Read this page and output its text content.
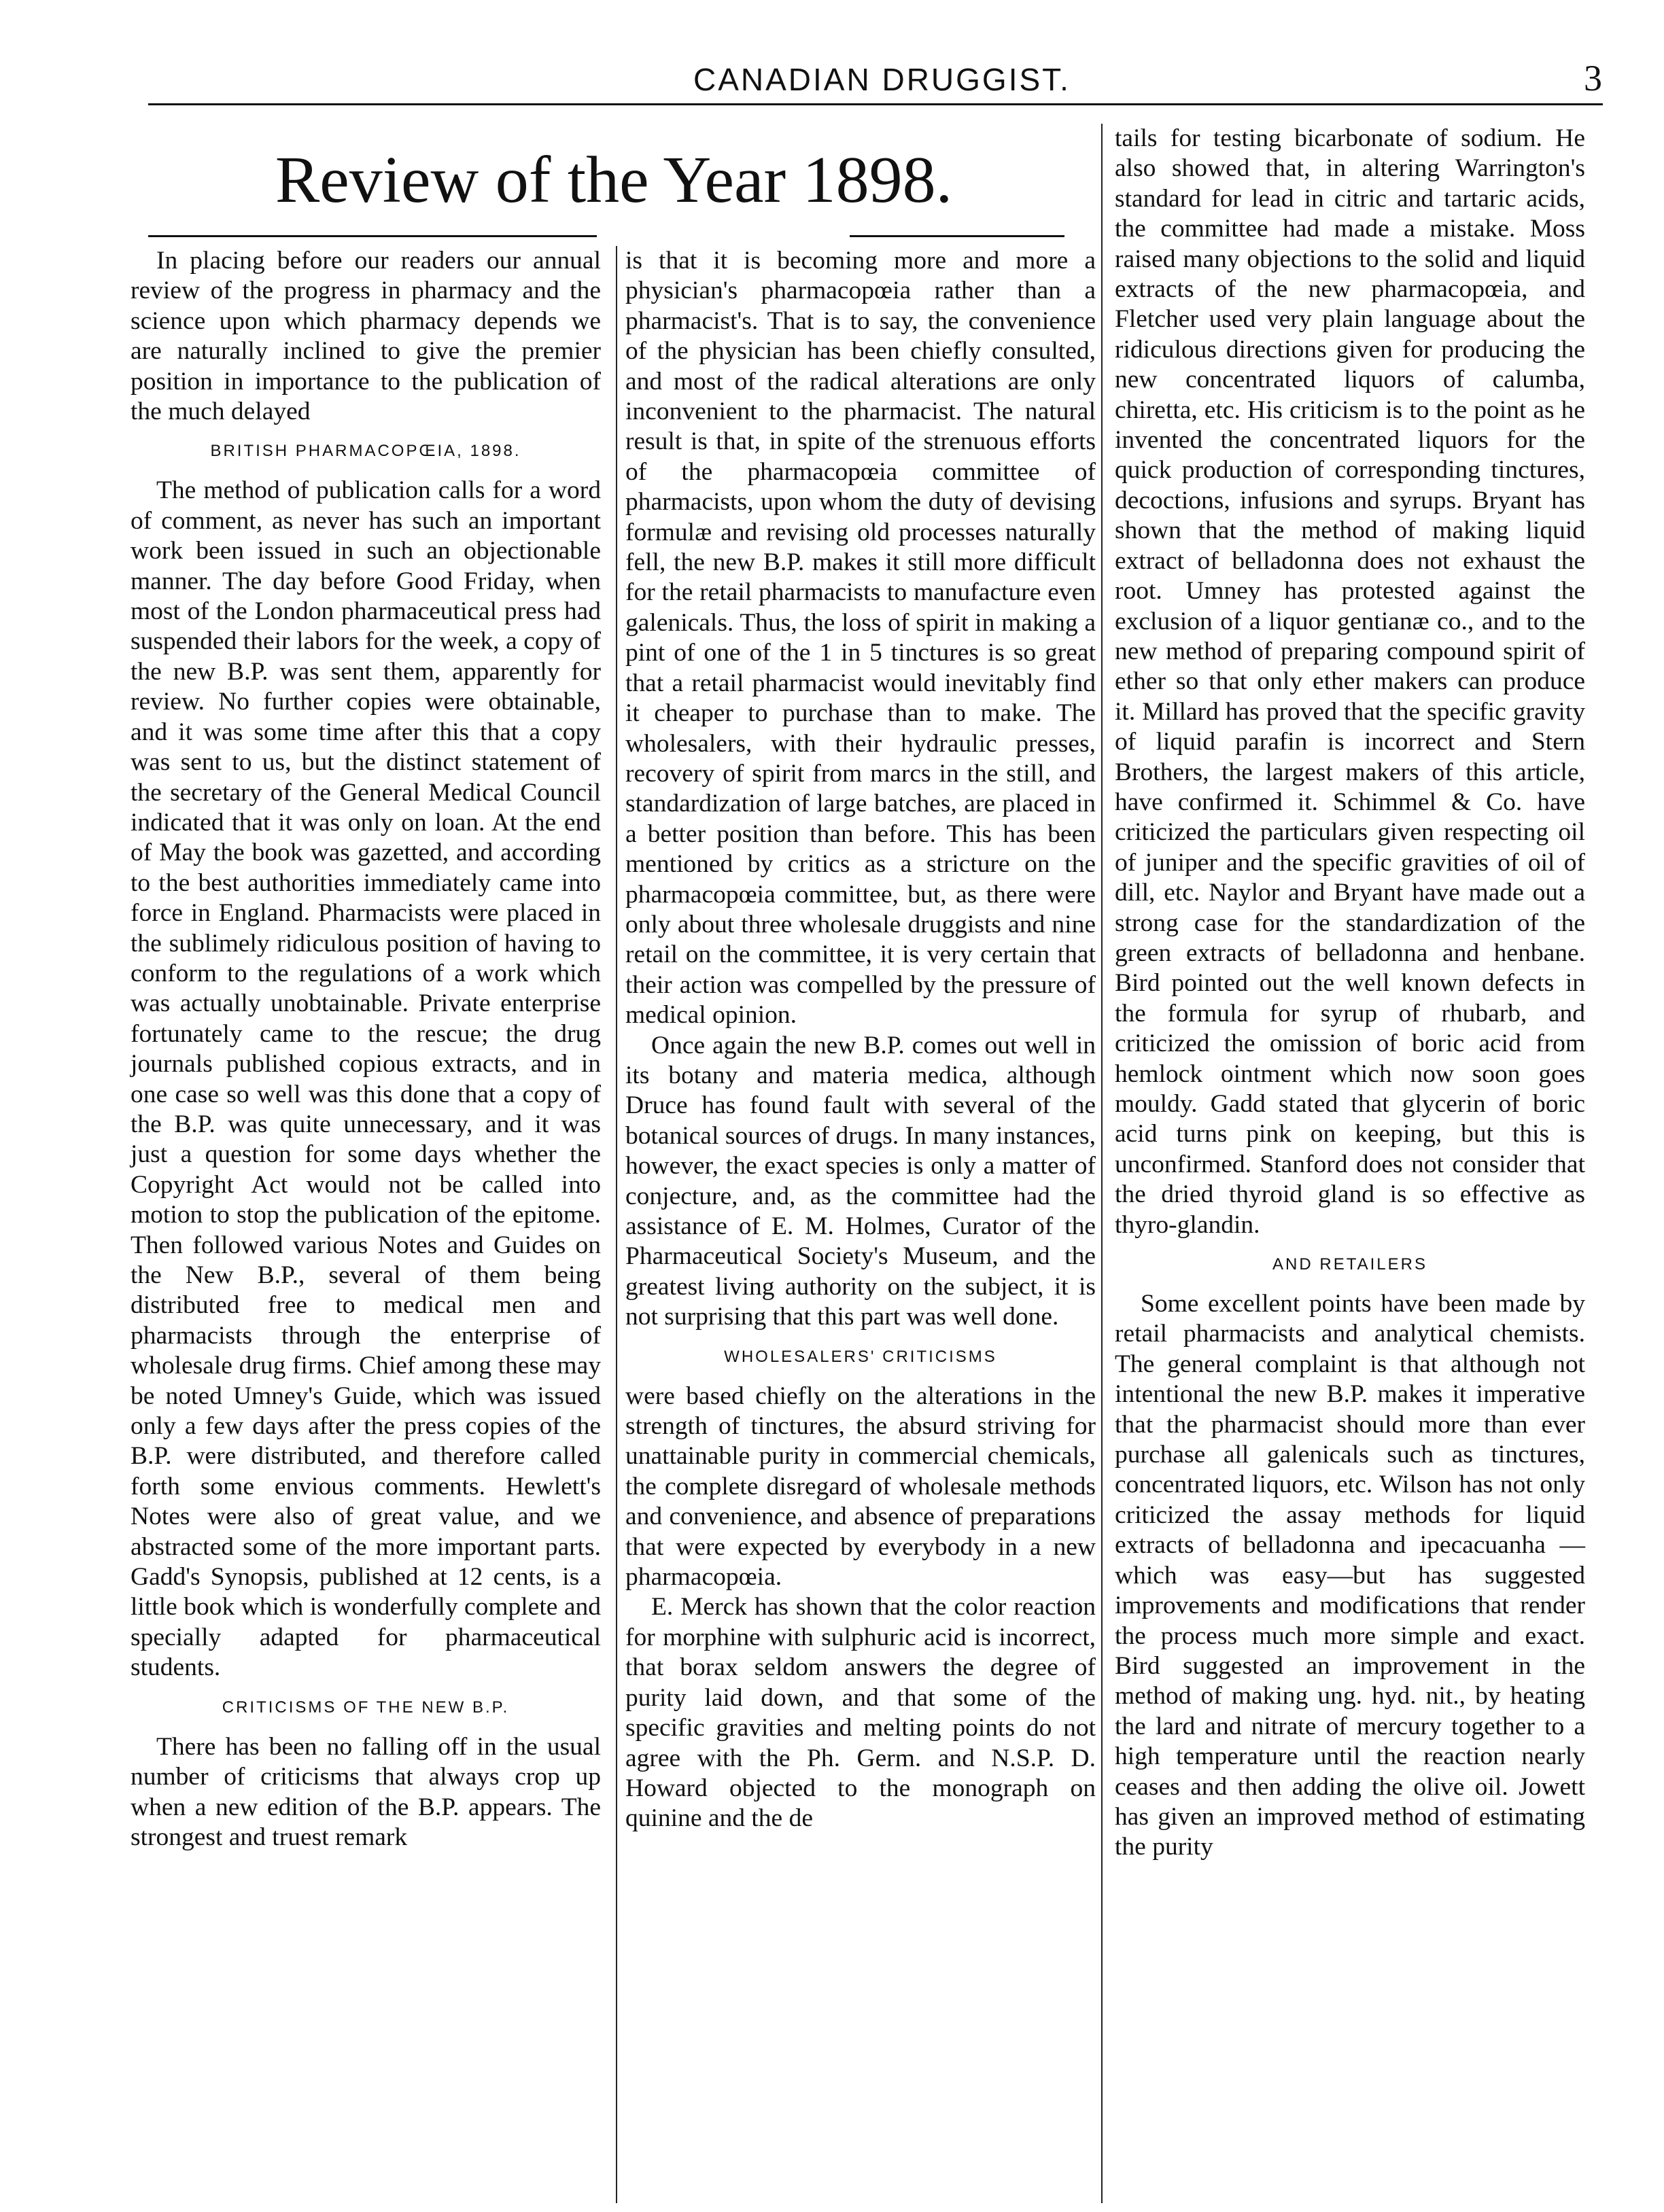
CANADIAN DRUGGIST.	3
Review of the Year 1898.

In placing before our readers our annual review of the progress in pharmacy and the science upon which pharmacy depends we are naturally inclined to give the premier position in importance to the publication of the much delayed

BRITISH PHARMACOPŒIA, 1898.

The method of publication calls for a word of comment, as never has such an important work been issued in such an objectionable manner. The day before Good Friday, when most of the London pharmaceutical press had suspended their labors for the week, a copy of the new B.P. was sent them, apparently for review. No further copies were obtainable, and it was some time after this that a copy was sent to us, but the distinct statement of the secretary of the General Medical Council indicated that it was only on loan. At the end of May the book was gazetted, and according to the best authorities immediately came into force in England. Pharmacists were placed in the sublimely ridiculous position of having to conform to the regulations of a work which was actually unobtainable. Private enterprise fortunately came to the rescue; the drug journals published copious extracts, and in one case so well was this done that a copy of the B.P. was quite unnecessary, and it was just a question for some days whether the Copyright Act would not be called into motion to stop the publication of the epitome. Then followed various Notes and Guides on the New B.P., several of them being distributed free to medical men and pharmacists through the enterprise of wholesale drug firms. Chief among these may be noted Umney's Guide, which was issued only a few days after the press copies of the B.P. were distributed, and therefore called forth some envious comments. Hewlett's Notes were also of great value, and we abstracted some of the more important parts. Gadd's Synopsis, published at 12 cents, is a little book which is wonderfully complete and specially adapted for pharmaceutical students.

CRITICISMS OF THE NEW B.P.

There has been no falling off in the usual number of criticisms that always crop up when a new edition of the B.P. appears. The strongest and truest remark

is that it is becoming more and more a physician's pharmacopœia rather than a pharmacist's. That is to say, the convenience of the physician has been chiefly consulted, and most of the radical alterations are only inconvenient to the pharmacist. The natural result is that, in spite of the strenuous efforts of the pharmacopœia committee of pharmacists, upon whom the duty of devising formulæ and revising old processes naturally fell, the new B.P. makes it still more difficult for the retail pharmacists to manufacture even galenicals. Thus, the loss of spirit in making a pint of one of the 1 in 5 tinctures is so great that a retail pharmacist would inevitably find it cheaper to purchase than to make. The wholesalers, with their hydraulic presses, recovery of spirit from marcs in the still, and standardization of large batches, are placed in a better position than before. This has been mentioned by critics as a stricture on the pharmacopœia committee, but, as there were only about three wholesale druggists and nine retail on the committee, it is very certain that their action was compelled by the pressure of medical opinion.

Once again the new B.P. comes out well in its botany and materia medica, although Druce has found fault with several of the botanical sources of drugs. In many instances, however, the exact species is only a matter of conjecture, and, as the committee had the assistance of E. M. Holmes, Curator of the Pharmaceutical Society's Museum, and the greatest living authority on the subject, it is not surprising that this part was well done.

WHOLESALERS' CRITICISMS

were based chiefly on the alterations in the strength of tinctures, the absurd striving for unattainable purity in commercial chemicals, the complete disregard of wholesale methods and convenience, and absence of preparations that were expected by everybody in a new pharmacopœia.

E. Merck has shown that the color reaction for morphine with sulphuric acid is incorrect, that borax seldom answers the degree of purity laid down, and that some of the specific gravities and melting points do not agree with the Ph. Germ. and N.S.P. D. Howard objected to the monograph on quinine and the de

tails for testing bicarbonate of sodium. He also showed that, in altering Warrington's standard for lead in citric and tartaric acids, the committee had made a mistake. Moss raised many objections to the solid and liquid extracts of the new pharmacopœia, and Fletcher used very plain language about the ridiculous directions given for producing the new concentrated liquors of calumba, chiretta, etc. His criticism is to the point as he invented the concentrated liquors for the quick production of corresponding tinctures, decoctions, infusions and syrups. Bryant has shown that the method of making liquid extract of belladonna does not exhaust the root. Umney has protested against the exclusion of a liquor gentianæ co., and to the new method of preparing compound spirit of ether so that only ether makers can produce it. Millard has proved that the specific gravity of liquid parafin is incorrect and Stern Brothers, the largest makers of this article, have confirmed it. Schimmel & Co. have criticized the particulars given respecting oil of juniper and the specific gravities of oil of dill, etc. Naylor and Bryant have made out a strong case for the standardization of the green extracts of belladonna and henbane. Bird pointed out the well known defects in the formula for syrup of rhubarb, and criticized the omission of boric acid from hemlock ointment which now soon goes mouldy. Gadd stated that glycerin of boric acid turns pink on keeping, but this is unconfirmed. Stanford does not consider that the dried thyroid gland is so effective as thyro-glandin.

AND RETAILERS

Some excellent points have been made by retail pharmacists and analytical chemists. The general complaint is that although not intentional the new B.P. makes it imperative that the pharmacist should more than ever purchase all galenicals such as tinctures, concentrated liquors, etc. Wilson has not only criticized the assay methods for liquid extracts of belladonna and ipecacuanha —which was easy—but has suggested improvements and modifications that render the process much more simple and exact. Bird suggested an improvement in the method of making ung. hyd. nit., by heating the lard and nitrate of mercury together to a high temperature until the reaction nearly ceases and then adding the olive oil. Jowett has given an improved method of estimating the purity
